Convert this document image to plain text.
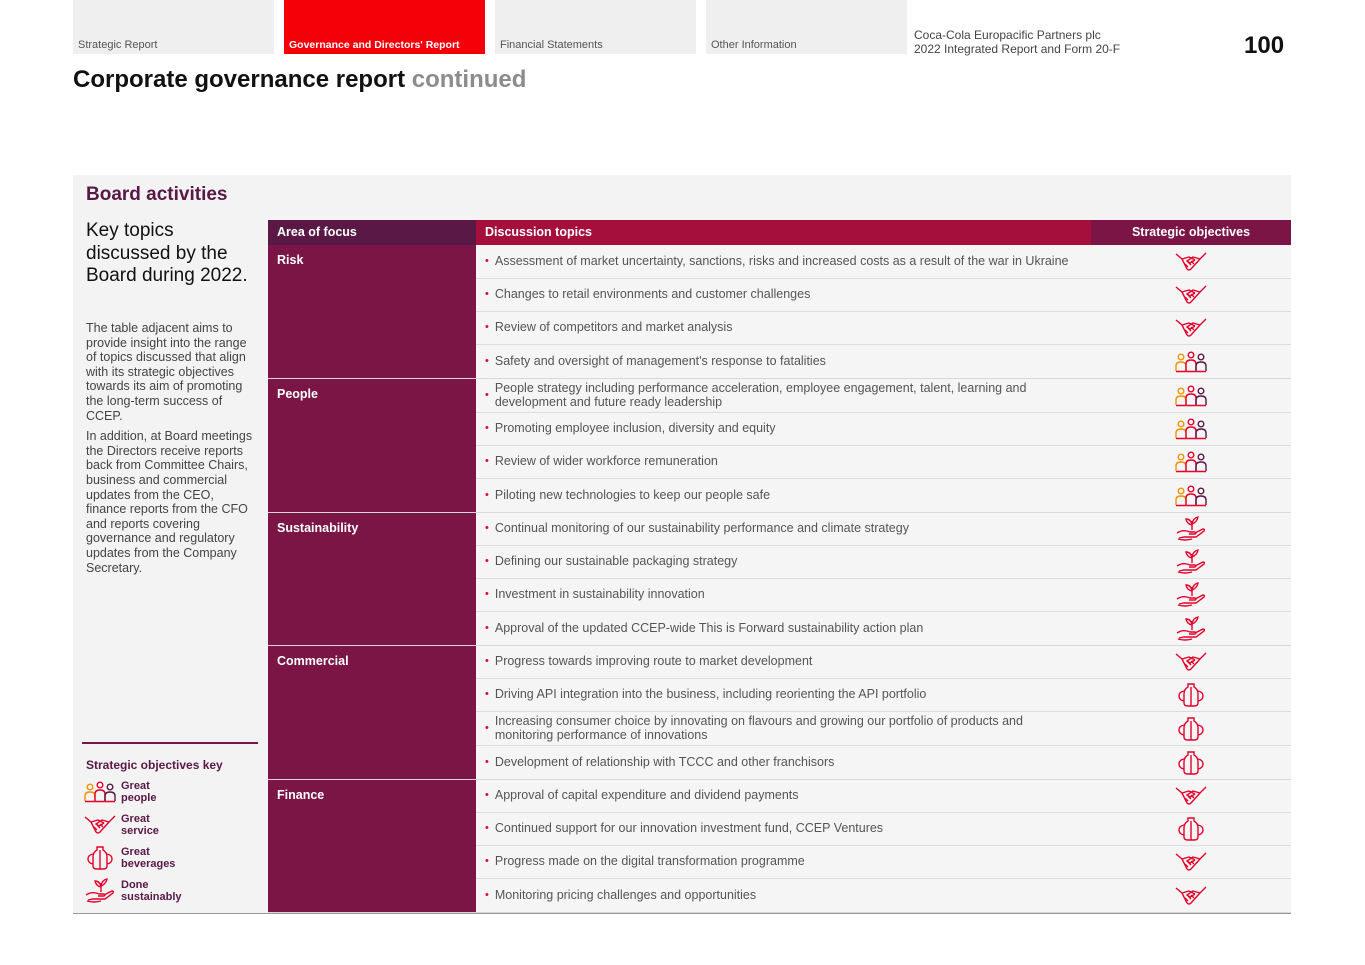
Strategic Report	Governance and Directors' Report	Financial Statements	Other Information
Coca-Cola Europacific Partners plc
2022 Integrated Report and Form 20-F	100
Corporate governance report continued
Board activities
Key topics discussed by the Board during 2022.

The table adjacent aims to provide insight into the range of topics discussed that align with its strategic objectives towards its aim of promoting the long-term success of CCEP.

In addition, at Board meetings the Directors receive reports back from Committee Chairs, business and commercial updates from the CEO, finance reports from the CFO and reports covering governance and regulatory updates from the Company Secretary.

Strategic objectives key
Great
people
Great
service
Great
beverages
Done
sustainably
Area of focus	Discussion topics	Strategic objectives
Risk	• Assessment of market uncertainty, sanctions, risks and increased costs as a result of the war in Ukraine
• Changes to retail environments and customer challenges
• Review of competitors and market analysis
• Safety and oversight of management's response to fatalities
People	• People strategy including performance acceleration, employee engagement, talent, learning and development and future ready leadership
• Promoting employee inclusion, diversity and equity
• Review of wider workforce remuneration
• Piloting new technologies to keep our people safe
Sustainability	• Continual monitoring of our sustainability performance and climate strategy
• Defining our sustainable packaging strategy
• Investment in sustainability innovation
• Approval of the updated CCEP-wide This is Forward sustainability action plan
Commercial	• Progress towards improving route to market development
• Driving API integration into the business, including reorienting the API portfolio
• Increasing consumer choice by innovating on flavours and growing our portfolio of products and monitoring performance of innovations
• Development of relationship with TCCC and other franchisors
Finance	• Approval of capital expenditure and dividend payments
• Continued support for our innovation investment fund, CCEP Ventures
• Progress made on the digital transformation programme
• Monitoring pricing challenges and opportunities
